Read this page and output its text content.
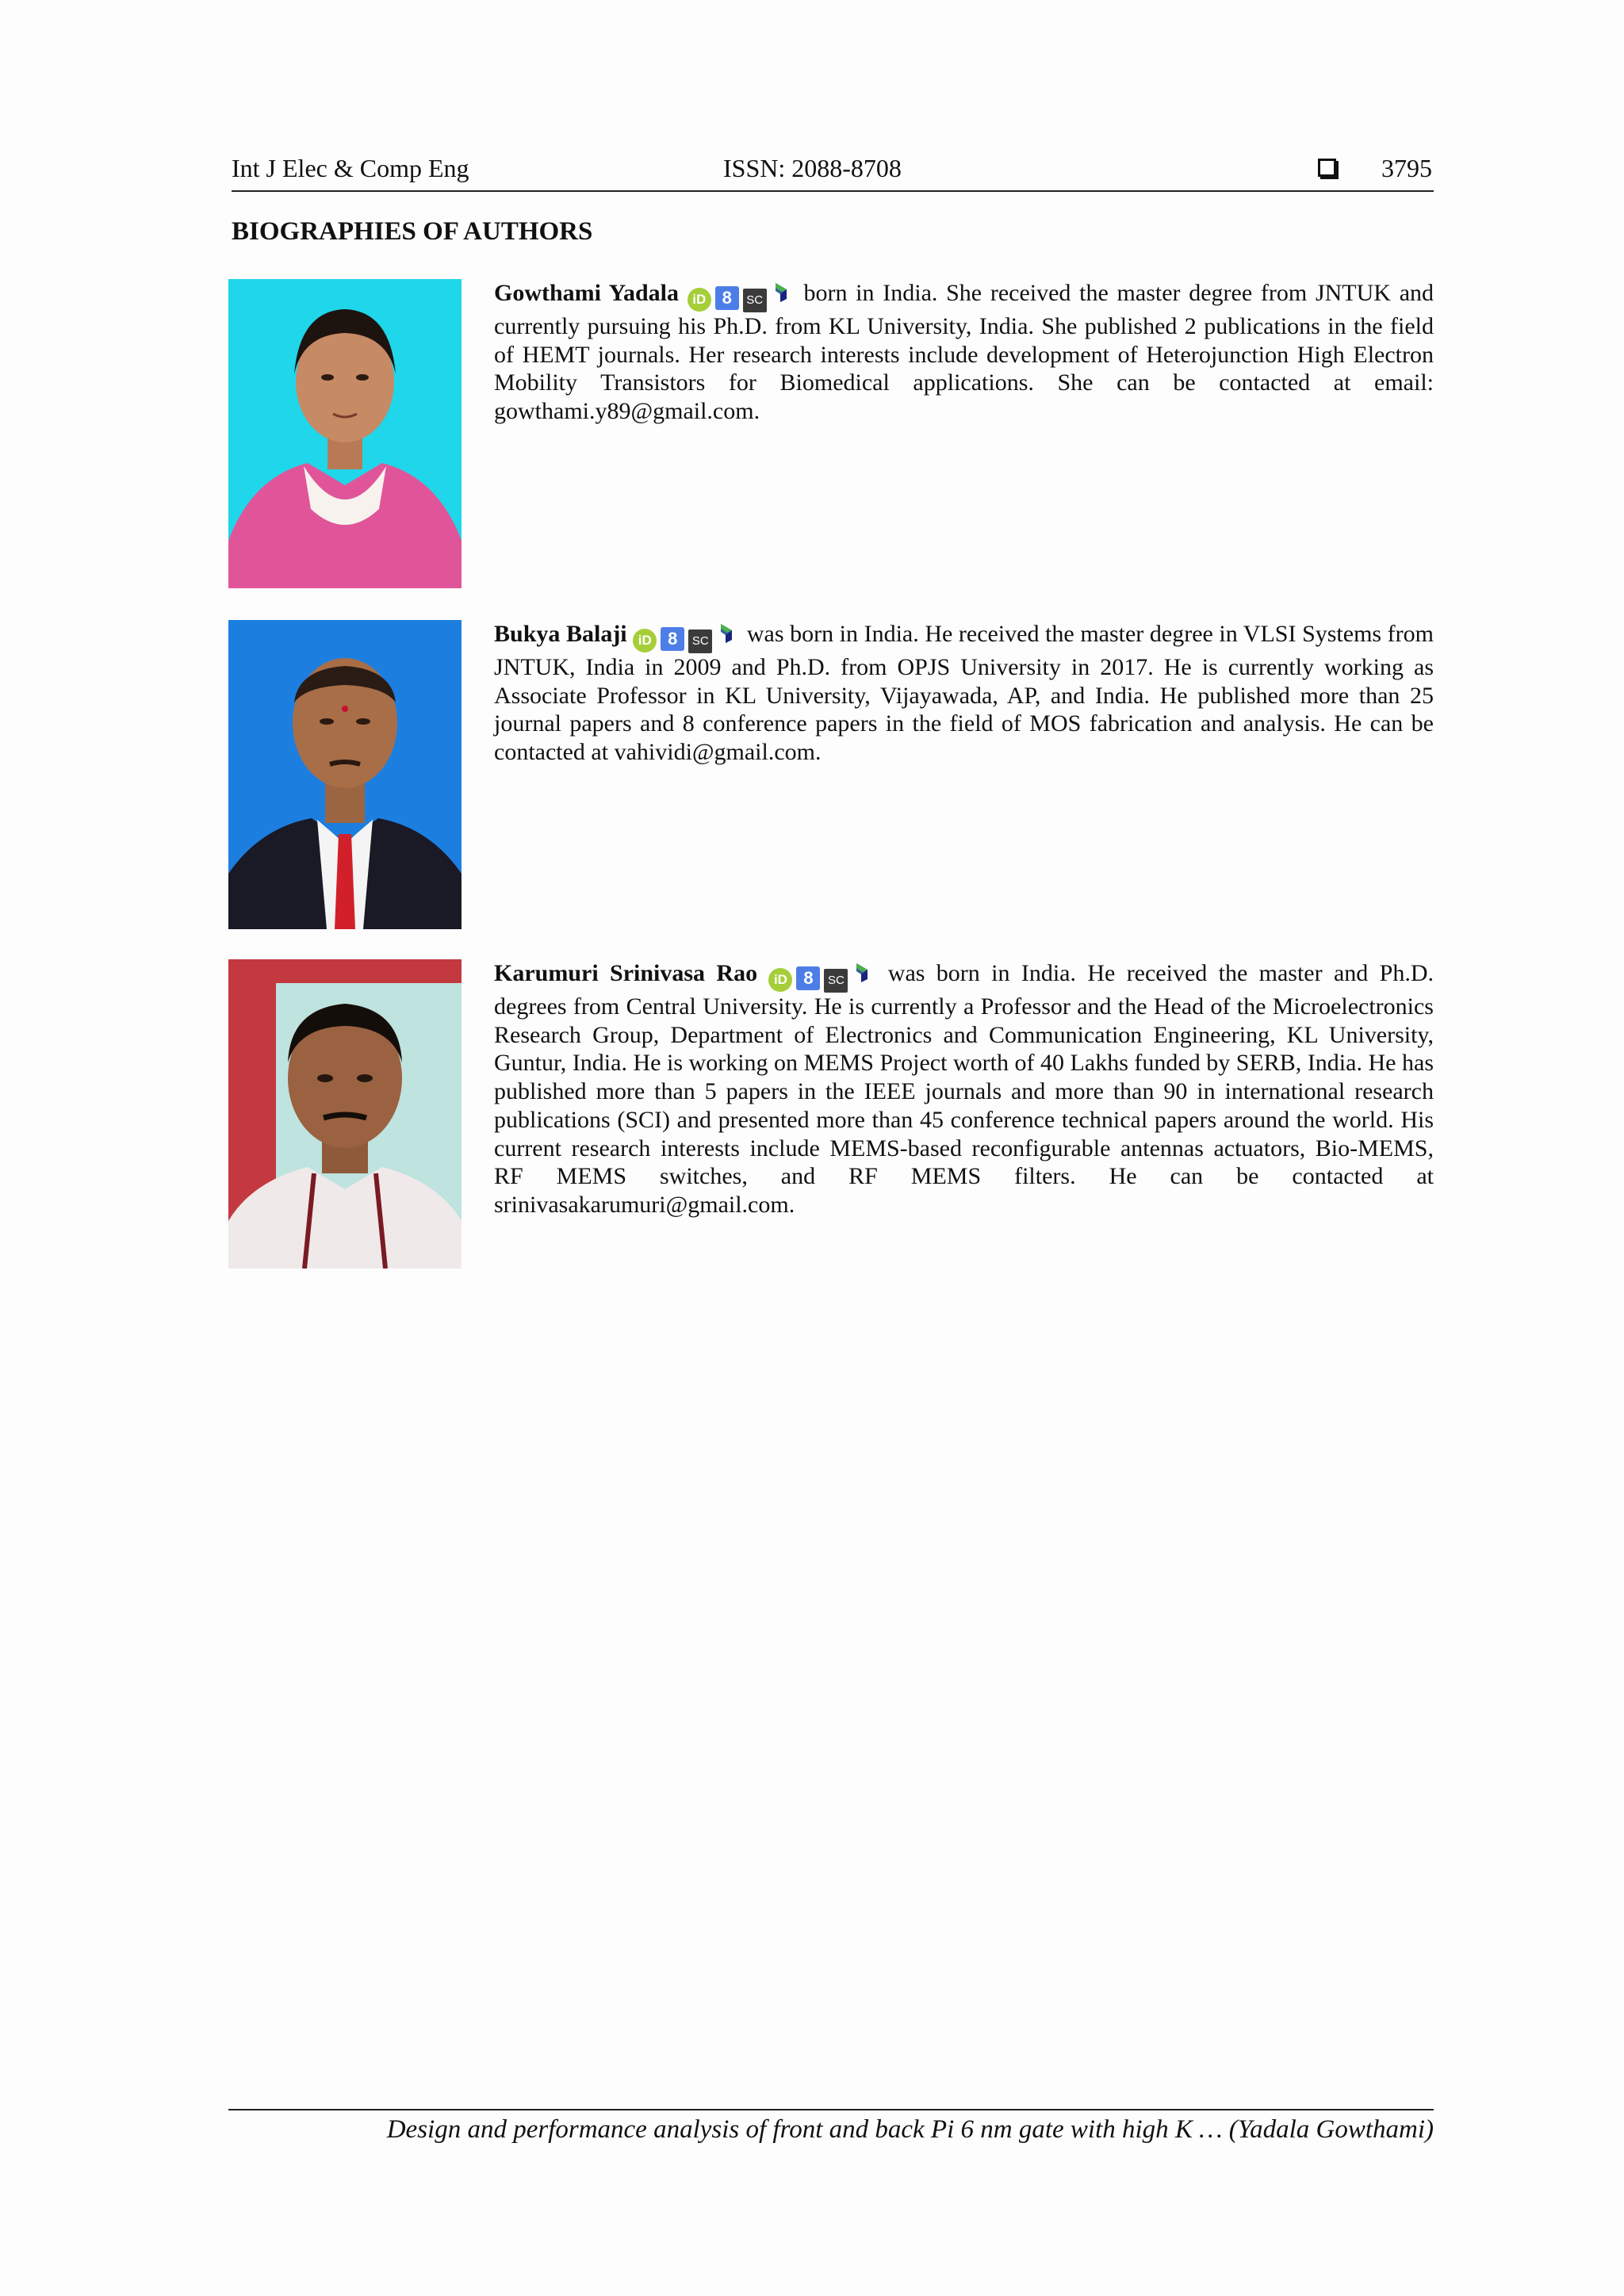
Int J Elec & Comp Eng	ISSN: 2088-8708	3795
BIOGRAPHIES OF AUTHORS
Gowthami Yadala iD 8 SC born in India. She received the master degree from JNTUK and currently pursuing his Ph.D. from KL University, India. She published 2 publications in the field of HEMT journals. Her research interests include development of Heterojunction High Electron Mobility Transistors for Biomedical applications. She can be contacted at email: gowthami.y89@gmail.com.
Bukya Balaji iD 8 SC was born in India. He received the master degree in VLSI Systems from JNTUK, India in 2009 and Ph.D. from OPJS University in 2017. He is currently working as Associate Professor in KL University, Vijayawada, AP, and India. He published more than 25 journal papers and 8 conference papers in the field of MOS fabrication and analysis. He can be contacted at vahividi@gmail.com.
Karumuri Srinivasa Rao iD 8 SC was born in India. He received the master and Ph.D. degrees from Central University. He is currently a Professor and the Head of the Microelectronics Research Group, Department of Electronics and Communication Engineering, KL University, Guntur, India. He is working on MEMS Project worth of 40 Lakhs funded by SERB, India. He has published more than 5 papers in the IEEE journals and more than 90 in international research publications (SCI) and presented more than 45 conference technical papers around the world. His current research interests include MEMS-based reconfigurable antennas actuators, Bio-MEMS, RF MEMS switches, and RF MEMS filters. He can be contacted at srinivasakarumuri@gmail.com.
Design and performance analysis of front and back Pi 6 nm gate with high K … (Yadala Gowthami)
